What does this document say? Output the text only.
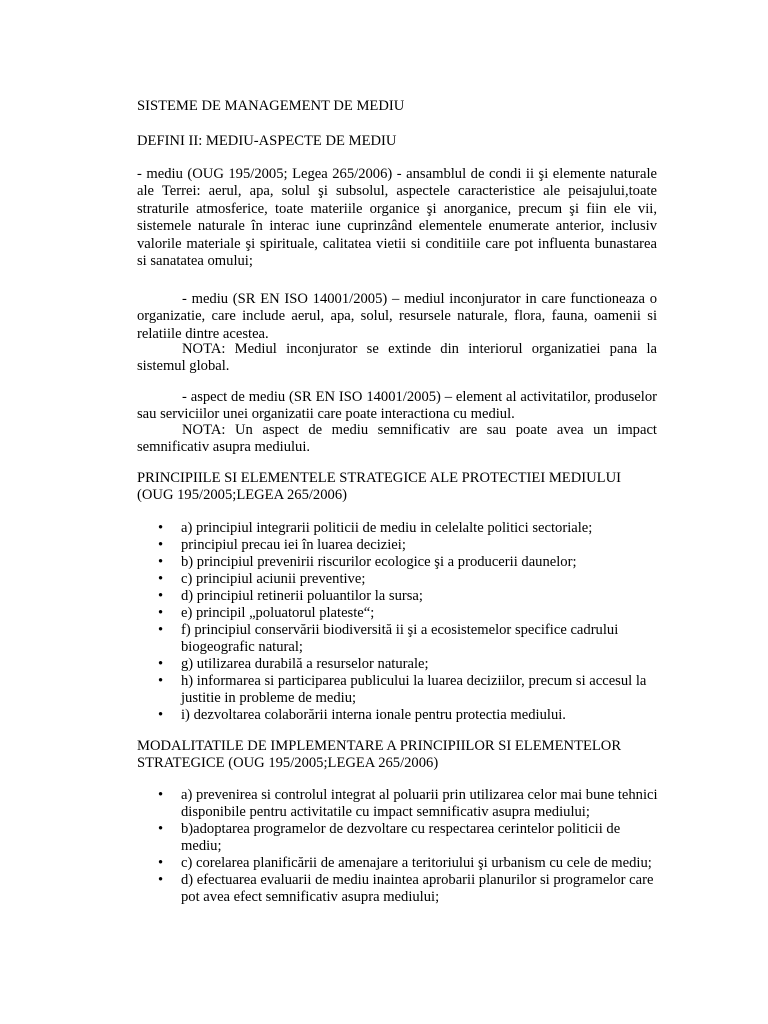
SISTEME DE MANAGEMENT DE MEDIU

DEFINI II: MEDIU-ASPECTE DE MEDIU

- mediu (OUG 195/2005; Legea 265/2006) - ansamblul de condi ii şi elemente naturale ale Terrei: aerul, apa, solul şi subsolul, aspectele caracteristice ale peisajului,toate straturile atmosferice, toate materiile organice şi anorganice, precum şi fiin ele vii, sistemele naturale în interac iune cuprinzând elementele enumerate anterior, inclusiv valorile materiale şi spirituale, calitatea vietii si conditiile care pot influenta bunastarea si sanatatea omului;

- mediu (SR EN ISO 14001/2005) – mediul inconjurator in care functioneaza o organizatie, care include aerul, apa, solul, resursele naturale, flora, fauna, oamenii si relatiile dintre acestea.

NOTA: Mediul inconjurator se extinde din interiorul organizatiei pana la sistemul global.

- aspect de mediu (SR EN ISO 14001/2005) – element al activitatilor, produselor sau serviciilor unei organizatii care poate interactiona cu mediul.

NOTA: Un aspect de mediu semnificativ are sau poate avea un impact semnificativ asupra mediului.

PRINCIPIILE SI ELEMENTELE STRATEGICE ALE PROTECTIEI MEDIULUI (OUG 195/2005;LEGEA 265/2006)

• a) principiul integrarii politicii de mediu in celelalte politici sectoriale;
• principiul precau iei în luarea deciziei;
• b) principiul prevenirii riscurilor ecologice şi a producerii daunelor;
• c) principiul aciunii preventive;
• d) principiul retinerii poluantilor la sursa;
• e) principil „poluatorul plateste“;
• f) principiul conservării biodiversită ii şi a ecosistemelor specifice cadrului biogeografic natural;
• g) utilizarea durabilă a resurselor naturale;
• h) informarea si participarea publicului la luarea deciziilor, precum si accesul la justitie in probleme de mediu;
• i) dezvoltarea colaborării interna ionale pentru protectia mediului.

MODALITATILE DE IMPLEMENTARE A PRINCIPIILOR SI ELEMENTELOR STRATEGICE (OUG 195/2005;LEGEA 265/2006)

• a) prevenirea si controlul integrat al poluarii prin utilizarea celor mai bune tehnici disponibile pentru activitatile cu impact semnificativ asupra mediului;
• b)adoptarea programelor de dezvoltare cu respectarea cerintelor politicii de mediu;
• c) corelarea planificării de amenajare a teritoriului şi urbanism cu cele de mediu;
• d) efectuarea evaluarii de mediu inaintea aprobarii planurilor si programelor care pot avea efect semnificativ asupra mediului;
